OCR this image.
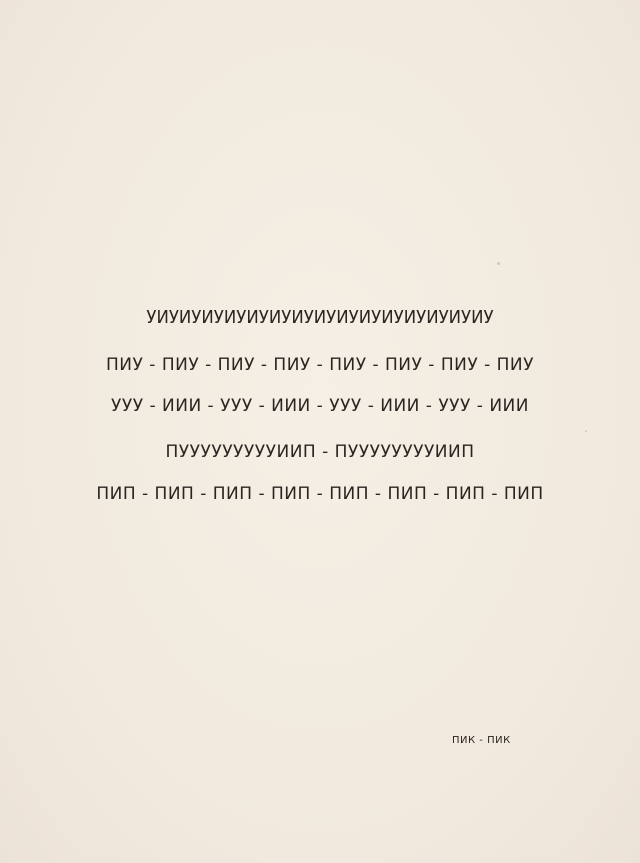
УИУИУИУИУИУИУИУИУИУИУИУИУИУИУИУ
ПИУ - ПИУ - ПИУ - ПИУ - ПИУ - ПИУ - ПИУ - ПИУ
УУУ - ИИИ - УУУ - ИИИ - УУУ - ИИИ - УУУ - ИИИ
ПУУУУУУУУУИИП - ПУУУУУУУУИИП
ПИП - ПИП - ПИП - ПИП - ПИП - ПИП - ПИП - ПИП
ПИК - ПИК
